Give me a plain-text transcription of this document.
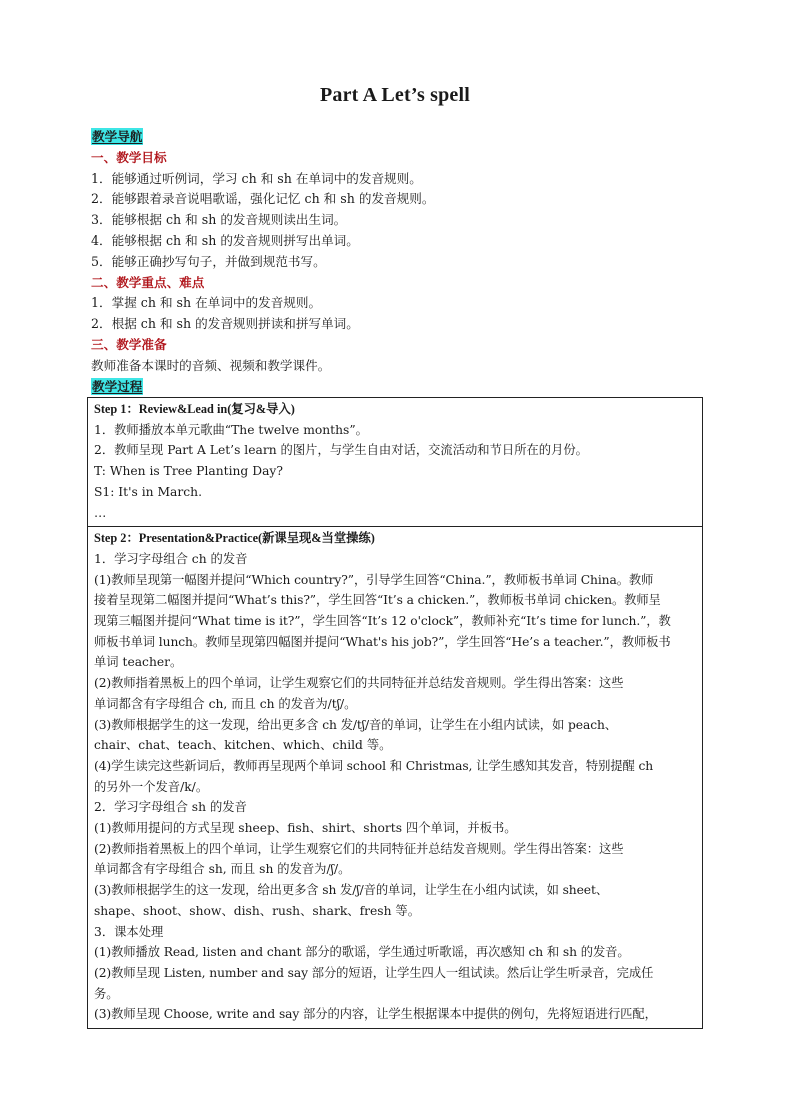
Part A Let’s spell
教学导航
一、教学目标
1．能够通过听例词，学习 ch 和 sh 在单词中的发音规则。
2．能够跟着录音说唱歌谣，强化记忆 ch 和 sh 的发音规则。
3．能够根据 ch 和 sh 的发音规则读出生词。
4．能够根据 ch 和 sh 的发音规则拼写出单词。
5．能够正确抄写句子，并做到规范书写。
二、教学重点、难点
1．掌握 ch 和 sh 在单词中的发音规则。
2．根据 ch 和 sh 的发音规则拼读和拼写单词。
三、教学准备
教师准备本课时的音频、视频和教学课件。
教学过程
Step 1：Review&Lead in(复习&导入)
1．教师播放本单元歌曲“The twelve months”。
2．教师呈现 Part A Let’s learn 的图片，与学生自由对话，交流活动和节日所在的月份。
T: When is Tree Planting Day?
S1: It's in March.
…

Step 2：Presentation&Practice(新课呈现&当堂操练)
1．学习字母组合 ch 的发音
(1)教师呈现第一幅图并提问“Which country?”，引导学生回答“China.”，教师板书单词 China。教师
接着呈现第二幅图并提问“What’s this?”，学生回答“It’s a chicken.”，教师板书单词 chicken。教师呈
现第三幅图并提问“What time is it?”，学生回答“It’s 12 o'clock”，教师补充“It’s time for lunch.”，教
师板书单词 lunch。教师呈现第四幅图并提问“What's his job?”，学生回答“He’s a teacher.”，教师板书
单词 teacher。
(2)教师指着黑板上的四个单词，让学生观察它们的共同特征并总结发音规则。学生得出答案：这些
单词都含有字母组合 ch, 而且 ch 的发音为/tʃ/。
(3)教师根据学生的这一发现，给出更多含 ch 发/tʃ/音的单词，让学生在小组内试读，如 peach、
chair、chat、teach、kitchen、which、child 等。
(4)学生读完这些新词后，教师再呈现两个单词 school 和 Christmas, 让学生感知其发音，特别提醒 ch
的另外一个发音/k/。
2．学习字母组合 sh 的发音
(1)教师用提问的方式呈现 sheep、fish、shirt、shorts 四个单词，并板书。
(2)教师指着黑板上的四个单词，让学生观察它们的共同特征并总结发音规则。学生得出答案：这些
单词都含有字母组合 sh, 而且 sh 的发音为/ʃ/。
(3)教师根据学生的这一发现，给出更多含 sh 发/ʃ/音的单词，让学生在小组内试读，如 sheet、
shape、shoot、show、dish、rush、shark、fresh 等。
3．课本处理
(1)教师播放 Read, listen and chant 部分的歌谣，学生通过听歌谣，再次感知 ch 和 sh 的发音。
(2)教师呈现 Listen, number and say 部分的短语，让学生四人一组试读。然后让学生听录音，完成任
务。
(3)教师呈现 Choose, write and say 部分的内容，让学生根据课本中提供的例句，先将短语进行匹配，
